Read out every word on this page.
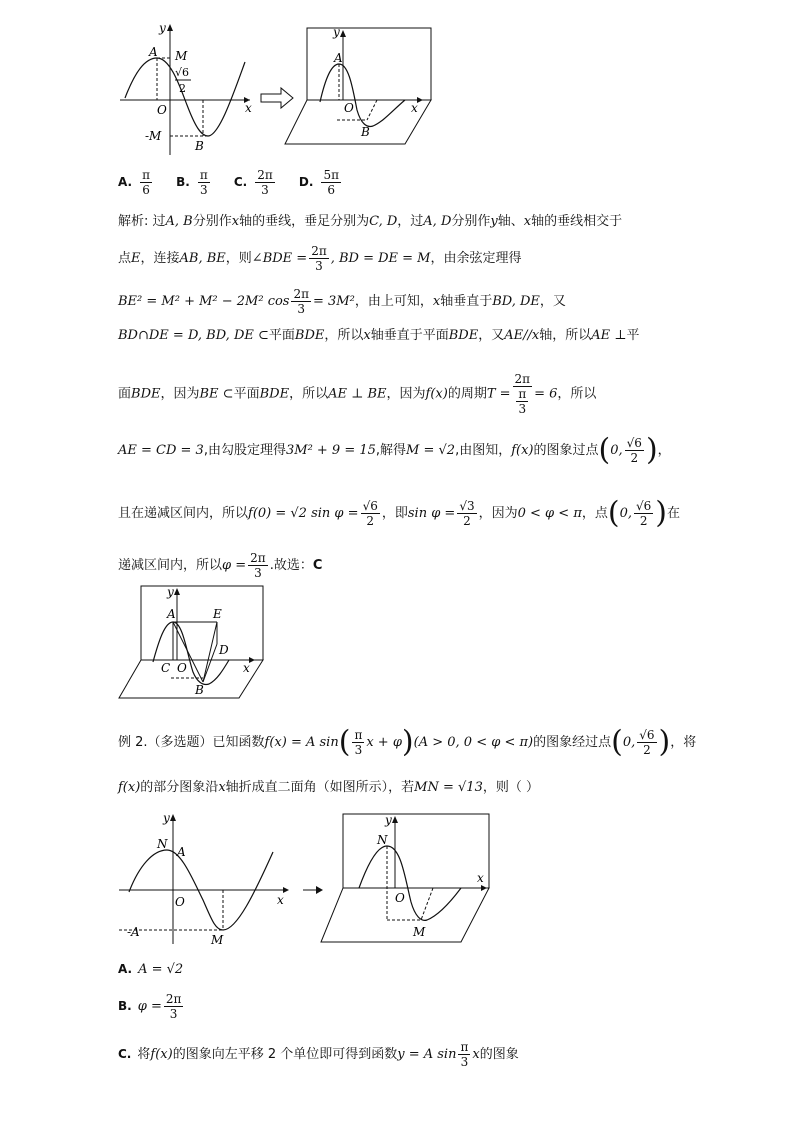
y
A M
√6
2
O	x
-M
B
y
A
O	x
B
A. $\frac{\pi}{6} B$. $\frac{\pi}{3} C$. $\frac{2\pi}{3} D$. $\frac{5\pi}{6}$
解析: 过A, B分别作x轴的垂线，垂足分别为C, D，过A, D分别作y轴、x轴的垂线相交于
点E，连接AB, BE，则∠BDE = $\frac{2\pi}{3}$ , BD = DE = M，由余弦定理得
BE² = M² + M² − 2M² $\cos \frac{2\pi}{3} = 3M^2$，由上可知，x轴垂直于BD, DE，又
BD∩DE = D, BD, DE ⊂平面BDE，所以x轴垂直于平面BDE，又AE//x轴，所以AE ⊥平
面BDE，因为BE ⊂平面BDE，所以AE ⊥ BE，因为f(x)的周期$T = \frac{2\pi}{\frac{\pi}{3}} = 6$，所以
AE = CD = 3,由勾股定理得3M² + 9 = 15,解得M = √2,由图知，f(x)的图象过点(0, $\frac{√6}{2}$ )，
且在递减区间内，所以f(0) = √2 $\sin \varphi = \frac{√6}{2}$ ，即$\sin \varphi = \frac{√3}{2}$ ，因为0 < φ < π，点(0, $\frac{√6}{2}$ )在
递减区间内，所以$\varphi = \frac{2\pi}{3}$ .故选：C
y
A	E
D
C O	x
B
例 2.（多选题）已知函数f(x) = A $\sin( \frac{\pi}{3}$ x + φ)(A > 0, 0 < φ < π)的图象经过点(0, $\frac{√6}{2}$ )，将
f(x)的部分图象沿x轴折成直二面角（如图所示），若MN = √13，则（ ）
y
N
A
O	x
-A
M
y
N
O
x
M
A. A = √2
B. $\varphi = \frac{2\pi}{3}$
C. 将f(x)的图象向左平移 2 个单位即可得到函数y = A $\sin \frac{\pi}{3}$ x的图象
